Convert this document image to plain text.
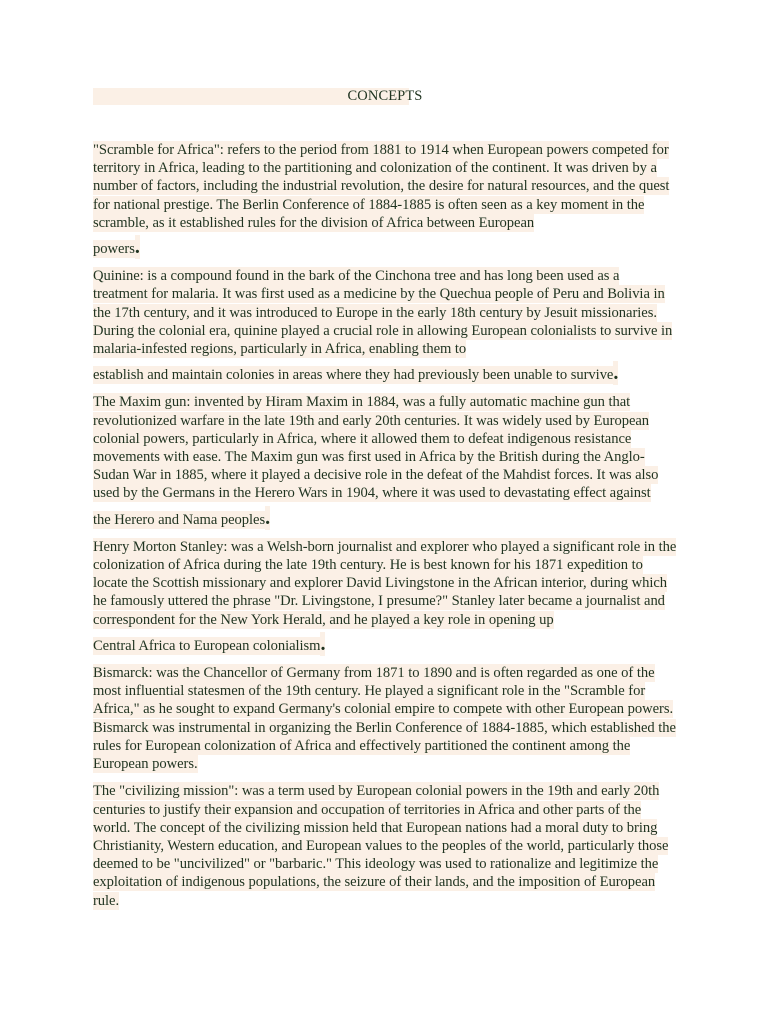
CONCEPTS

"Scramble for Africa": refers to the period from 1881 to 1914 when European powers competed for territory in Africa, leading to the partitioning and colonization of the continent. It was driven by a number of factors, including the industrial revolution, the desire for natural resources, and the quest for national prestige. The Berlin Conference of 1884-1885 is often seen as a key moment in the scramble, as it established rules for the division of Africa between European
powers.

Quinine: is a compound found in the bark of the Cinchona tree and has long been used as a treatment for malaria. It was first used as a medicine by the Quechua people of Peru and Bolivia in the 17th century, and it was introduced to Europe in the early 18th century by Jesuit missionaries. During the colonial era, quinine played a crucial role in allowing European colonialists to survive in malaria-infested regions, particularly in Africa, enabling them to
establish and maintain colonies in areas where they had previously been unable to survive.

The Maxim gun: invented by Hiram Maxim in 1884, was a fully automatic machine gun that revolutionized warfare in the late 19th and early 20th centuries. It was widely used by European colonial powers, particularly in Africa, where it allowed them to defeat indigenous resistance movements with ease. The Maxim gun was first used in Africa by the British during the Anglo-Sudan War in 1885, where it played a decisive role in the defeat of the Mahdist forces. It was also used by the Germans in the Herero Wars in 1904, where it was used to devastating effect against
the Herero and Nama peoples.

Henry Morton Stanley: was a Welsh-born journalist and explorer who played a significant role in the colonization of Africa during the late 19th century. He is best known for his 1871 expedition to locate the Scottish missionary and explorer David Livingstone in the African interior, during which he famously uttered the phrase "Dr. Livingstone, I presume?" Stanley later became a journalist and correspondent for the New York Herald, and he played a key role in opening up
Central Africa to European colonialism.

Bismarck: was the Chancellor of Germany from 1871 to 1890 and is often regarded as one of the most influential statesmen of the 19th century. He played a significant role in the "Scramble for Africa," as he sought to expand Germany's colonial empire to compete with other European powers. Bismarck was instrumental in organizing the Berlin Conference of 1884-1885, which established the rules for European colonization of Africa and effectively partitioned the continent among the European powers.

The "civilizing mission": was a term used by European colonial powers in the 19th and early 20th centuries to justify their expansion and occupation of territories in Africa and other parts of the world. The concept of the civilizing mission held that European nations had a moral duty to bring Christianity, Western education, and European values to the peoples of the world, particularly those deemed to be "uncivilized" or "barbaric." This ideology was used to rationalize and legitimize the exploitation of indigenous populations, the seizure of their lands, and the imposition of European rule.
